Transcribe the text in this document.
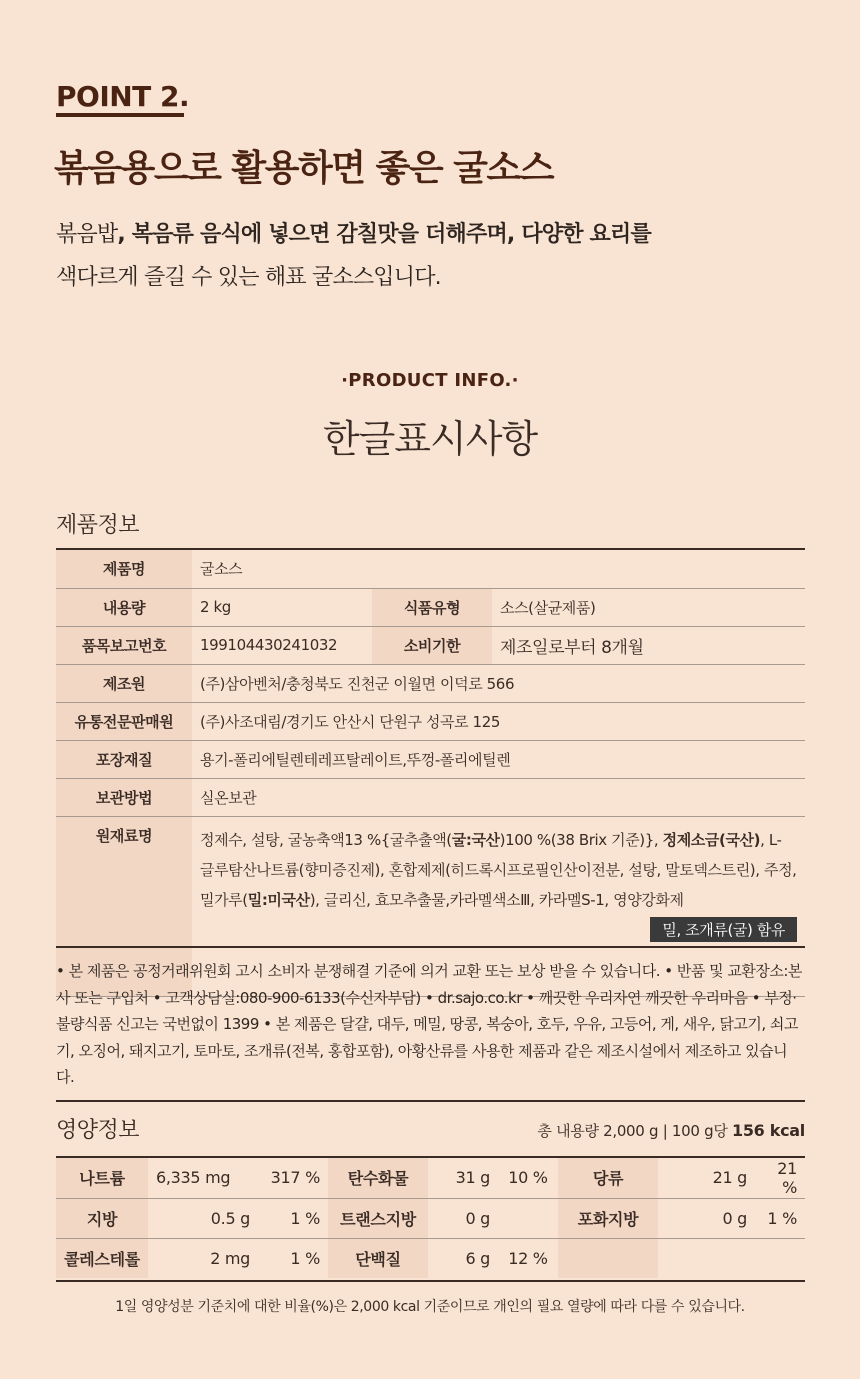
POINT 2.
볶음용으로 활용하면 좋은 굴소스
볶음밥, 복음류 음식에 넣으면 감칠맛을 더해주며, 다양한 요리를
색다르게 즐길 수 있는 해표 굴소스입니다.
·PRODUCT INFO.·
한글표시사항
제품정보
제품명	굴소스		
내용량	2 kg	식품유형	소스(살균제품)
품목보고번호	199104430241032	소비기한	제조일로부터 8개월
제조원	(주)삼아벤처/충청북도 진천군 이월면 이덕로 566		
유통전문판매원	(주)사조대림/경기도 안산시 단원구 성곡로 125		
포장재질	용기-폴리에틸렌테레프탈레이트,뚜껑-폴리에틸렌		
보관방법	실온보관		
원재료명	정제수, 설탕, 굴농축액13 %{굴추출액(굴:국산)100 %(38 Brix 기준)}, 정제소금(국산), L- 글루탐산나트륨(향미증진제), 혼합제제(히드록시프로필인산이전분, 설탕, 말토덱스트린), 주정, 밀가루(밀:미국산), 글리신, 효모추출물,카라멜색소Ⅲ, 카라멜S-1, 영양강화제
밀, 조개류(굴) 함유		
• 본 제품은 공정거래위원회 고시 소비자 분쟁해결 기준에 의거 교환 또는 보상 받을 수 있습니다. • 반품 및 교환장소:본사 또는 구입처 • 고객상담실:080-900-6133(수신자부담) • dr.sajo.co.kr • 깨끗한 우리자연 깨끗한 우리마음 • 부정·불량식품 신고는 국번없이 1399 • 본 제품은 달걀, 대두, 메밀, 땅콩, 복숭아, 호두, 우유, 고등어, 게, 새우, 닭고기, 쇠고기, 오징어, 돼지고기, 토마토, 조개류(전복, 홍합포함), 아황산류를 사용한 제품과 같은 제조시설에서 제조하고 있습니다.
영양정보	총 내용량 2,000 g | 100 g당 156 kcal
나트륨	6,335 mg	317 %	탄수화물	31 g	10 %	당류	21 g	21 %
지방	0.5 g	1 %	트랜스지방	0 g		포화지방	0 g	1 %
콜레스테롤	2 mg	1 %	단백질	6 g	12 %			
1일 영양성분 기준치에 대한 비율(%)은 2,000 kcal 기준이므로 개인의 필요 열량에 따라 다를 수 있습니다.
